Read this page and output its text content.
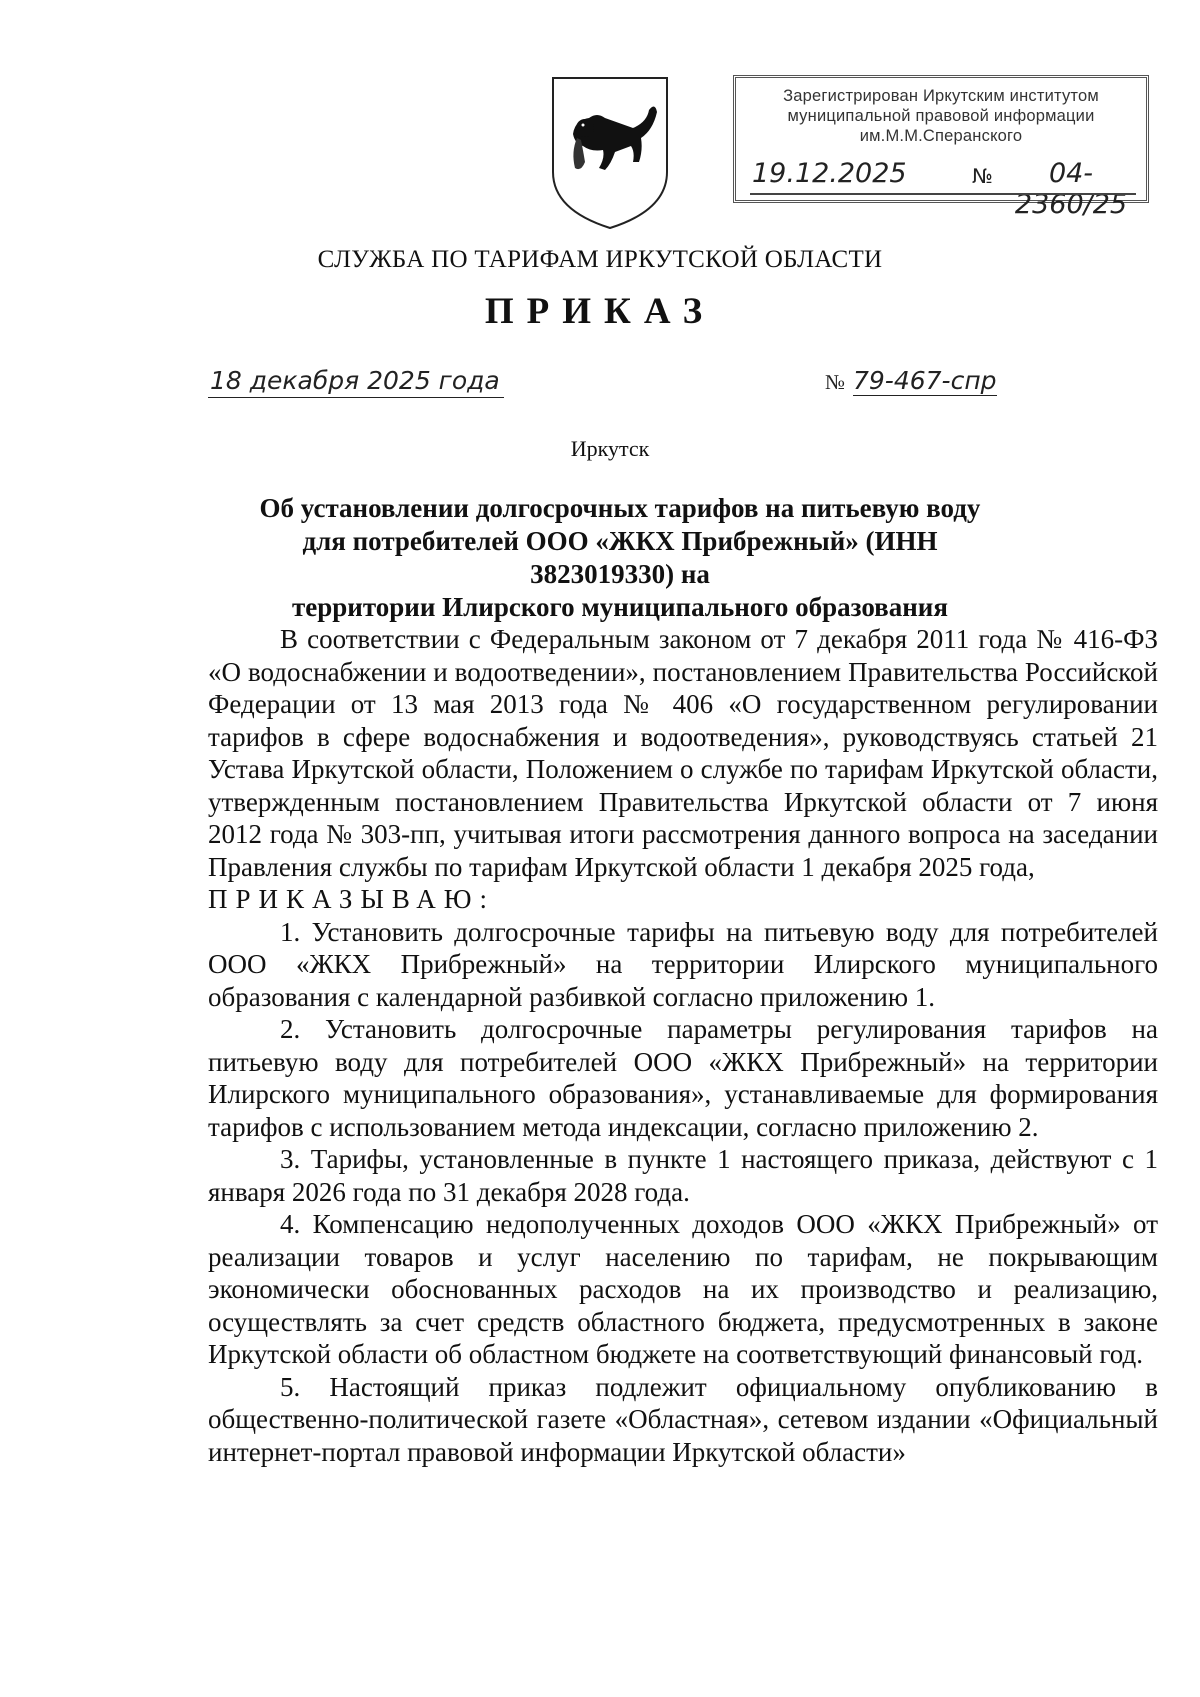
Зарегистрирован Иркутским институтом
муниципальной правовой информации
им.М.М.Сперанского
19.12.2025	№	04-2360/25
СЛУЖБА ПО ТАРИФАМ ИРКУТСКОЙ ОБЛАСТИ
ПРИКАЗ
18 декабря 2025 года	№ 79-467-спр
Иркутск
Об установлении долгосрочных тарифов на питьевую воду
для потребителей ООО «ЖКХ Прибрежный» (ИНН 3823019330) на
территории Илирского муниципального образования

В соответствии с Федеральным законом от 7 декабря 2011 года № 416-ФЗ «О водоснабжении и водоотведении», постановлением Правительства Российской Федерации от 13 мая 2013 года № 406 «О государственном регулировании тарифов в сфере водоснабжения и водоотведения», руководствуясь статьей 21 Устава Иркутской области, Положением о службе по тарифам Иркутской области, утвержденным постановлением Правительства Иркутской области от 7 июня 2012 года № 303-пп, учитывая итоги рассмотрения данного вопроса на заседании Правления службы по тарифам Иркутской области 1 декабря 2025 года,

ПРИКАЗЫВАЮ:

1. Установить долгосрочные тарифы на питьевую воду для потребителей ООО «ЖКХ Прибрежный» на территории Илирского муниципального образования с календарной разбивкой согласно приложению 1.

2. Установить долгосрочные параметры регулирования тарифов на питьевую воду для потребителей ООО «ЖКХ Прибрежный» на территории Илирского муниципального образования», устанавливаемые для формирования тарифов с использованием метода индексации, согласно приложению 2.

3. Тарифы, установленные в пункте 1 настоящего приказа, действуют с 1 января 2026 года по 31 декабря 2028 года.

4. Компенсацию недополученных доходов ООО «ЖКХ Прибрежный» от реализации товаров и услуг населению по тарифам, не покрывающим экономически обоснованных расходов на их производство и реализацию, осуществлять за счет средств областного бюджета, предусмотренных в законе Иркутской области об областном бюджете на соответствующий финансовый год.

5. Настоящий приказ подлежит официальному опубликованию в общественно-политической газете «Областная», сетевом издании «Официальный интернет-портал правовой информации Иркутской области»
